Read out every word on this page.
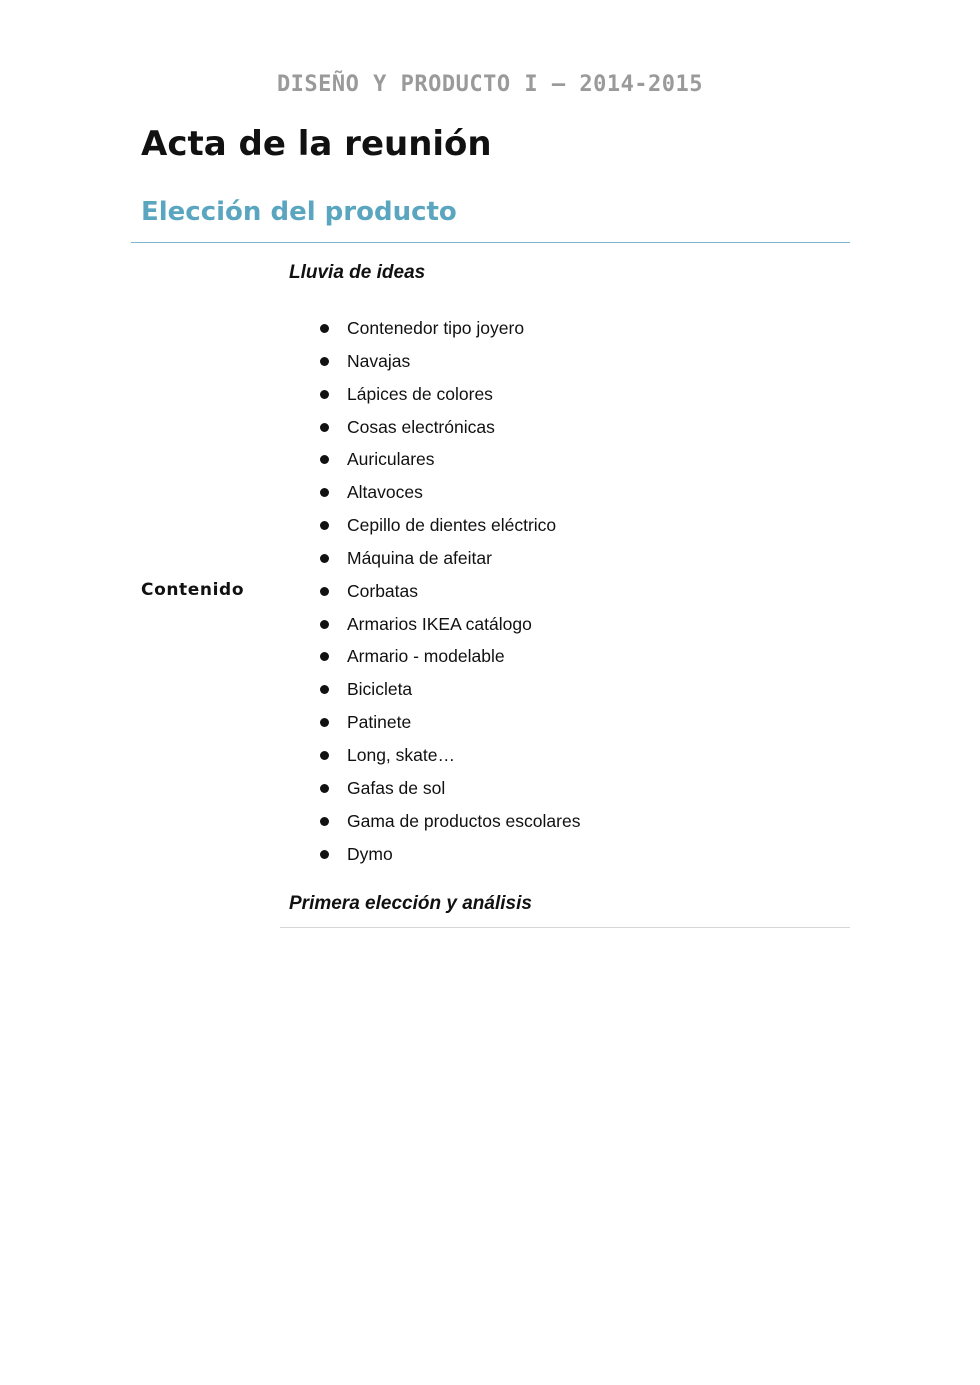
DISEÑO Y PRODUCTO I – 2014-2015
Acta de la reunión
Elección del producto
Contenido
Lluvia de ideas
Contenedor tipo joyero
Navajas
Lápices de colores
Cosas electrónicas
Auriculares
Altavoces
Cepillo de dientes eléctrico
Máquina de afeitar
Corbatas
Armarios IKEA catálogo
Armario - modelable
Bicicleta
Patinete
Long, skate…
Gafas de sol
Gama de productos escolares
Dymo
Primera elección y análisis
